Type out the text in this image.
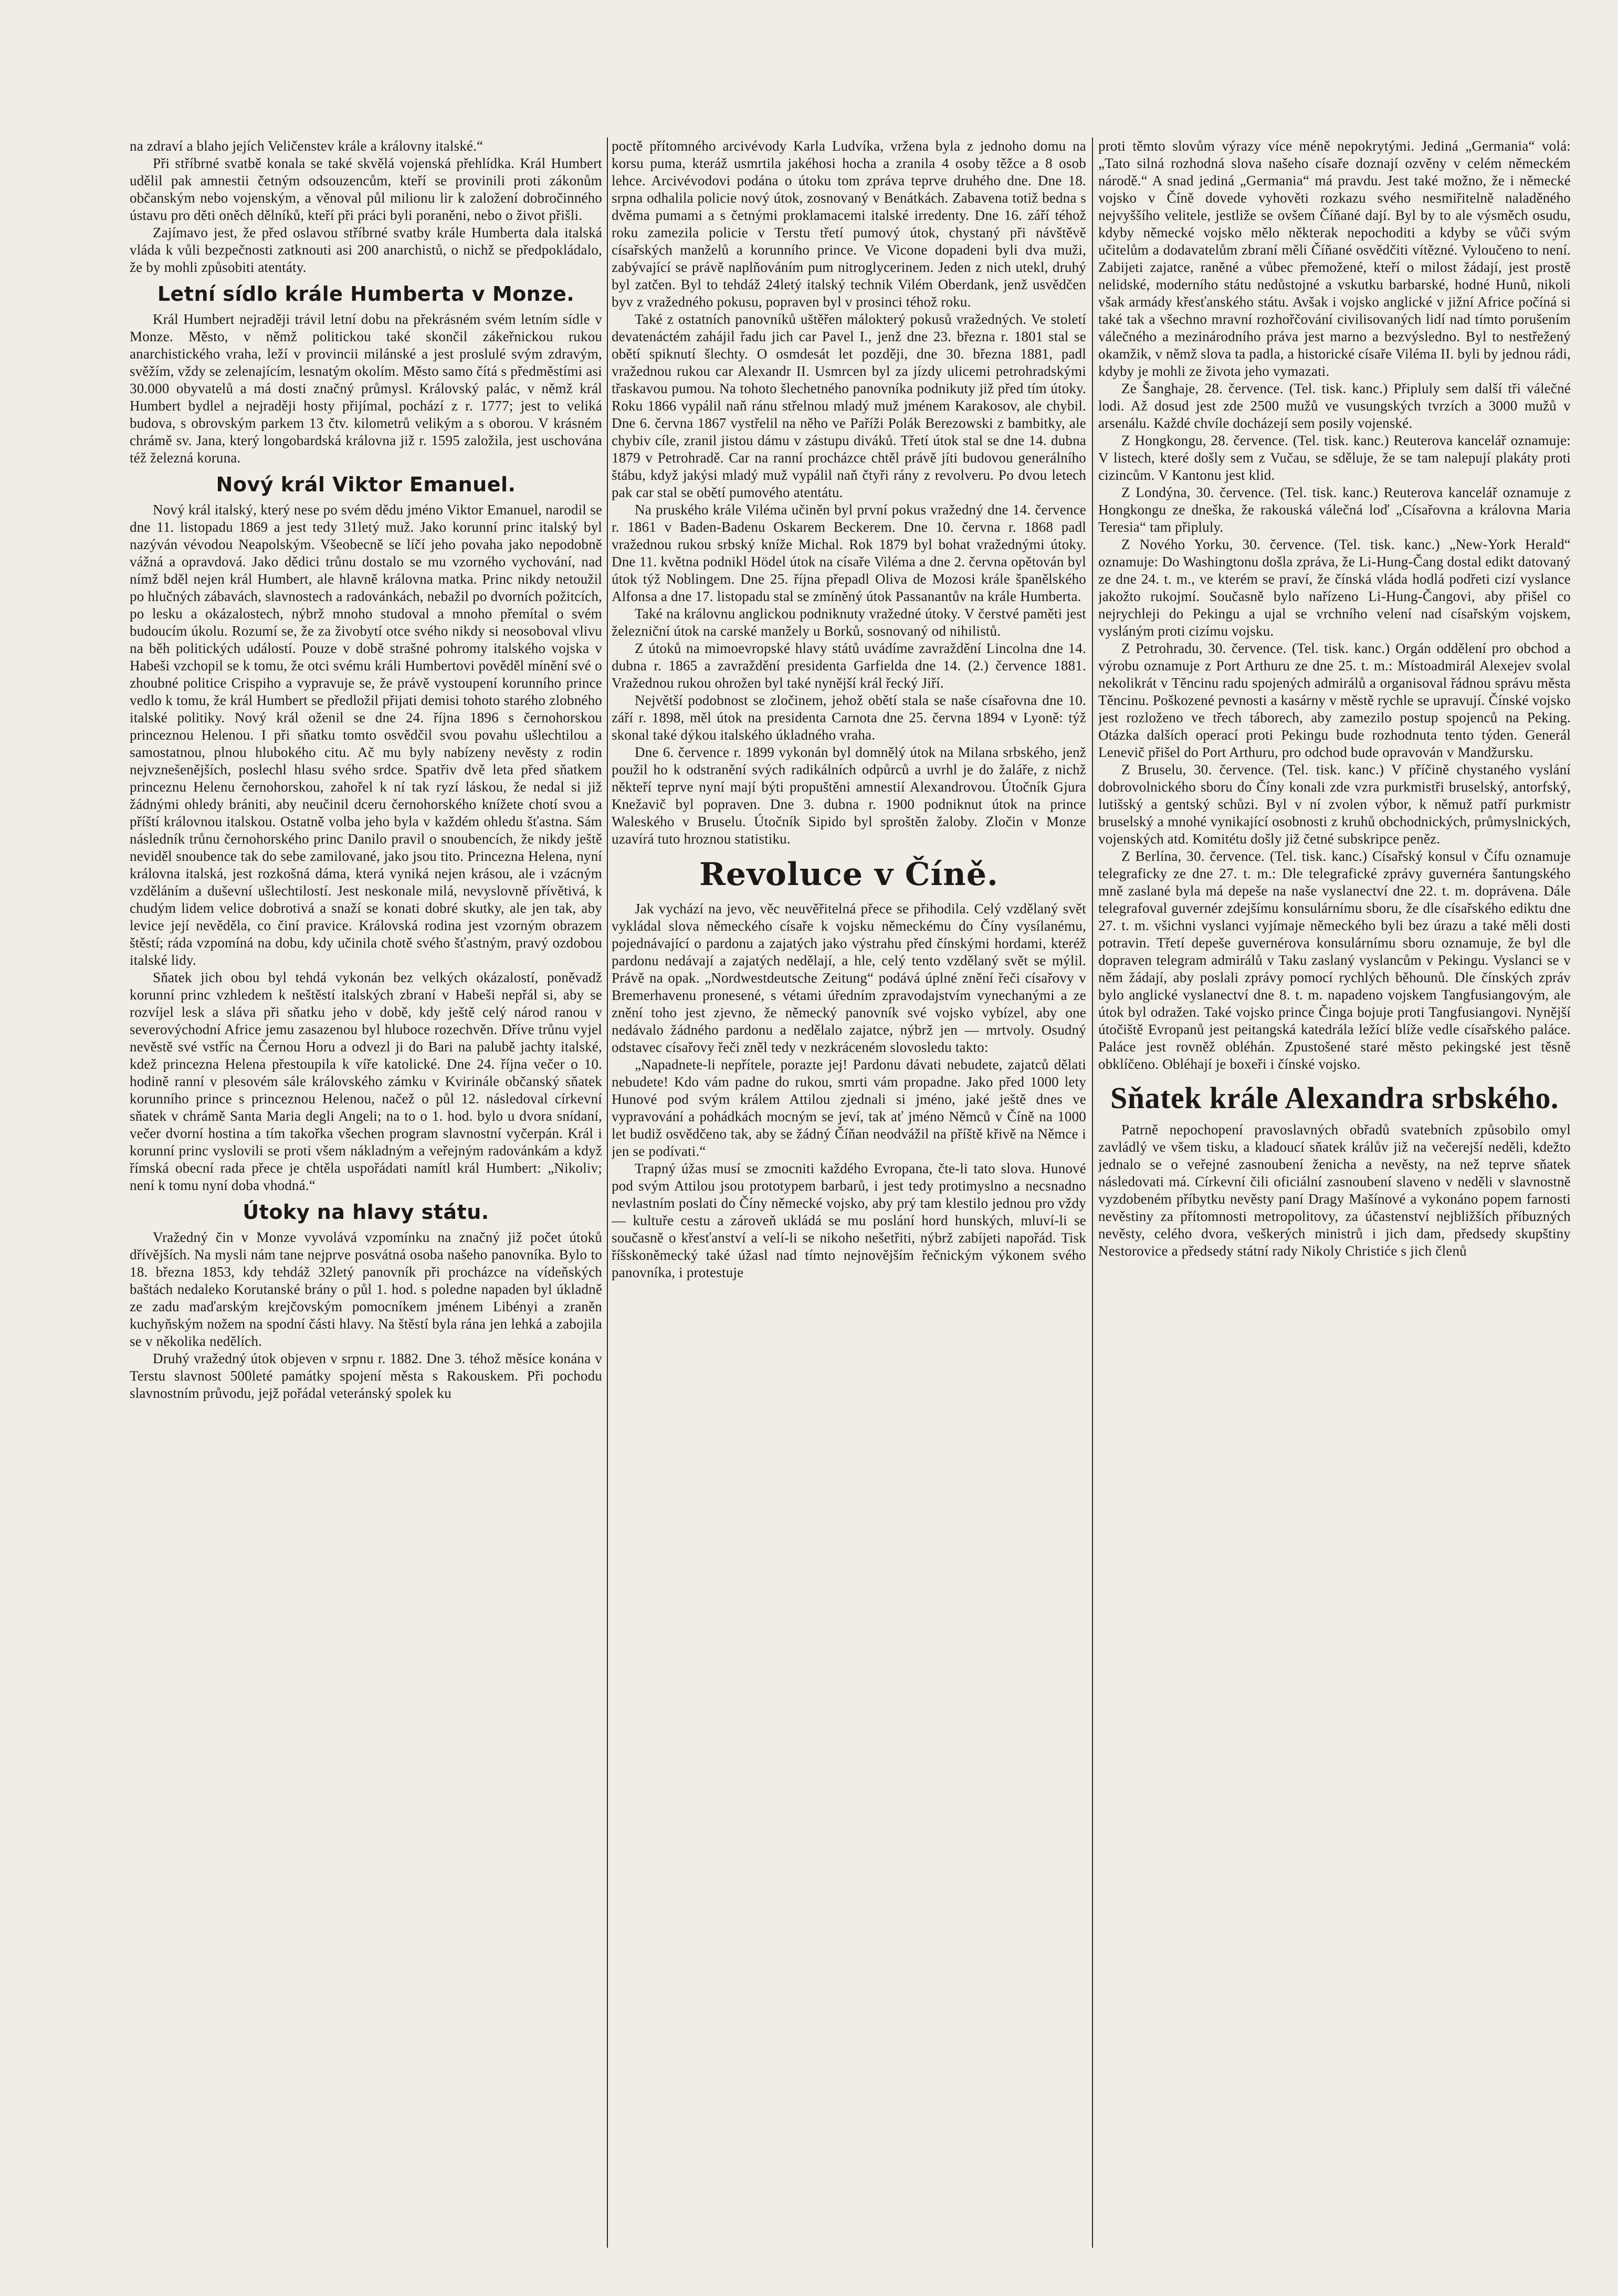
na zdraví a blaho jejích Veličenstev krále a královny italské.“

Při stříbrné svatbě konala se také skvělá vojenská přehlídka. Král Humbert udělil pak amnestii četným odsouzencům, kteří se provinili proti zákonům občanským nebo vojenským, a věnoval půl milionu lir k založení dobročinného ústavu pro děti oněch dělníků, kteří při práci byli poraněni, nebo o život přišli.

Zajímavo jest, že před oslavou stříbrné svatby krále Humberta dala italská vláda k vůli bezpečnosti zatknouti asi 200 anarchistů, o nichž se předpokládalo, že by mohli způsobiti atentáty.

Letní sídlo krále Humberta v Monze.

Král Humbert nejraději trávil letní dobu na překrásném svém letním sídle v Monze. Město, v němž politickou také skončil zákeřnickou rukou anarchistického vraha, leží v provincii milánské a jest proslulé svým zdravým, svěžím, vždy se zelenajícím, lesnatým okolím. Město samo čítá s předměstími asi 30.000 obyvatelů a má dosti značný průmysl. Královský palác, v němž král Humbert bydlel a nejraději hosty přijímal, pochází z r. 1777; jest to veliká budova, s obrovským parkem 13 čtv. kilometrů velikým a s oborou. V krásném chrámě sv. Jana, který longobardská královna již r. 1595 založila, jest uschována též železná koruna.

Nový král Viktor Emanuel.

Nový král italský, který nese po svém dědu jméno Viktor Emanuel, narodil se dne 11. listopadu 1869 a jest tedy 31letý muž. Jako korunní princ italský byl nazýván vévodou Neapolským. Všeobecně se líčí jeho povaha jako nepodobně vážná a opravdová. Jako dědici trůnu dostalo se mu vzorného vychování, nad nímž bděl nejen král Humbert, ale hlavně královna matka. Princ nikdy netoužil po hlučných zábavách, slavnostech a radovánkách, nebažil po dvorních požitcích, po lesku a okázalostech, nýbrž mnoho studoval a mnoho přemítal o svém budoucím úkolu. Rozumí se, že za živobytí otce svého nikdy si neosoboval vlivu na běh politických událostí. Pouze v době strašné pohromy italského vojska v Habeši vzchopil se k tomu, že otci svému králi Humbertovi pověděl mínění své o zhoubné politice Crispiho a vypravuje se, že právě vystoupení korunního prince vedlo k tomu, že král Humbert se předložil přijati demisi tohoto starého zlobného italské politiky. Nový král oženil se dne 24. října 1896 s černohorskou princeznou Helenou. I při sňatku tomto osvědčil svou povahu ušlechtilou a samostatnou, plnou hlubokého citu. Ač mu byly nabízeny nevěsty z rodin nejvznešenějších, poslechl hlasu svého srdce. Spatřiv dvě leta před sňatkem princeznu Helenu černohorskou, zahořel k ní tak ryzí láskou, že nedal si již žádnými ohledy brániti, aby neučinil dceru černohorského knížete chotí svou a příští královnou italskou. Ostatně volba jeho byla v každém ohledu šťastna. Sám následník trůnu černohorského princ Danilo pravil o snoubencích, že nikdy ještě neviděl snoubence tak do sebe zamilované, jako jsou tito. Princezna Helena, nyní královna italská, jest rozkošná dáma, která vyniká nejen krásou, ale i vzácným vzděláním a duševní ušlechtilostí. Jest neskonale milá, nevyslovně přívětivá, k chudým lidem velice dobrotivá a snaží se konati dobré skutky, ale jen tak, aby levice její nevěděla, co činí pravice. Královská rodina jest vzorným obrazem štěstí; ráda vzpomíná na dobu, kdy učinila chotě svého šťastným, pravý ozdobou italské lidy.

Sňatek jich obou byl tehdá vykonán bez velkých okázalostí, poněvadž korunní princ vzhledem k neštěstí italských zbraní v Habeši nepřál si, aby se rozvíjel lesk a sláva při sňatku jeho v době, kdy ještě celý národ ranou v severovýchodní Africe jemu zasazenou byl hluboce rozechvěn. Dříve trůnu vyjel nevěstě své vstříc na Černou Horu a odvezl ji do Bari na palubě jachty italské, kdež princezna Helena přestoupila k víře katolické. Dne 24. října večer o 10. hodině ranní v plesovém sále královského zámku v Kvirinále občanský sňatek korunního prince s princeznou Helenou, načež o půl 12. následoval církevní sňatek v chrámě Santa Maria degli Angeli; na to o 1. hod. bylo u dvora snídaní, večer dvorní hostina a tím takořka všechen program slavnostní vyčerpán. Král i korunní princ vyslovili se proti všem nákladným a veřejným radovánkám a když římská obecní rada přece je chtěla uspořádati namítl král Humbert: „Nikoliv; není k tomu nyní doba vhodná.“

Útoky na hlavy státu.

Vražedný čin v Monze vyvolává vzpomínku na značný již počet útoků dřívějších. Na mysli nám tane nejprve posvátná osoba našeho panovníka. Bylo to 18. března 1853, kdy tehdáž 32letý panovník při procházce na vídeňských baštách nedaleko Korutanské brány o půl 1. hod. s poledne napaden byl úkladně ze zadu maďarským krejčovským pomocníkem jménem Libényi a zraněn kuchyňským nožem na spodní části hlavy. Na štěstí byla rána jen lehká a zabojila se v několika nedělích.

Druhý vražedný útok objeven v srpnu r. 1882. Dne 3. téhož měsíce konána v Terstu slavnost 500leté památky spojení města s Rakouskem. Při pochodu slavnostním průvodu, jejž pořádal veteránský spolek ku

poctě přítomného arcivévody Karla Ludvíka, vržena byla z jednoho domu na korsu puma, kteráž usmrtila jakéhosi hocha a zranila 4 osoby těžce a 8 osob lehce. Arcivévodovi podána o útoku tom zpráva teprve druhého dne. Dne 18. srpna odhalila policie nový útok, zosnovaný v Benátkách. Zabavena totiž bedna s dvěma pumami a s četnými proklamacemi italské irredenty. Dne 16. září téhož roku zamezila policie v Terstu třetí pumový útok, chystaný při návštěvě císařských manželů a korunního prince. Ve Vicone dopadeni byli dva muži, zabývající se právě naplňováním pum nitroglycerinem. Jeden z nich utekl, druhý byl zatčen. Byl to tehdáž 24letý italský technik Vilém Oberdank, jenž usvědčen byv z vražedného pokusu, popraven byl v prosinci téhož roku.

Také z ostatních panovníků uštěřen málokterý pokusů vražedných. Ve století devatenáctém zahájil řadu jich car Pavel I., jenž dne 23. března r. 1801 stal se obětí spiknutí šlechty. O osmdesát let později, dne 30. března 1881, padl vražednou rukou car Alexandr II. Usmrcen byl za jízdy ulicemi petrohradskými třaskavou pumou. Na tohoto šlechetného panovníka podnikuty již před tím útoky. Roku 1866 vypálil naň ránu střelnou mladý muž jménem Karakosov, ale chybil. Dne 6. června 1867 vystřelil na něho ve Paříži Polák Berezowski z bambitky, ale chybiv cíle, zranil jistou dámu v zástupu diváků. Třetí útok stal se dne 14. dubna 1879 v Petrohradě. Car na ranní procházce chtěl právě jíti budovou generálního štábu, když jakýsi mladý muž vypálil naň čtyři rány z revolveru. Po dvou letech pak car stal se obětí pumového atentátu.

Na pruského krále Viléma učiněn byl první pokus vražedný dne 14. července r. 1861 v Baden-Badenu Oskarem Beckerem. Dne 10. června r. 1868 padl vražednou rukou srbský kníže Michal. Rok 1879 byl bohat vražednými útoky. Dne 11. května podnikl Hödel útok na císaře Viléma a dne 2. června opětován byl útok týž Noblingem. Dne 25. října přepadl Oliva de Mozosi krále španělského Alfonsa a dne 17. listopadu stal se zmíněný útok Passanantův na krále Humberta.

Také na královnu anglickou podniknuty vražedné útoky. V čerstvé paměti jest železniční útok na carské manžely u Borků, sosnovaný od nihilistů.

Z útoků na mimoevropské hlavy států uvádíme zavraždění Lincolna dne 14. dubna r. 1865 a zavraždění presidenta Garfielda dne 14. (2.) července 1881. Vražednou rukou ohrožen byl také nynější král řecký Jiří.

Největší podobnost se zločinem, jehož obětí stala se naše císařovna dne 10. září r. 1898, měl útok na presidenta Carnota dne 25. června 1894 v Lyoně: týž skonal také dýkou italského úkladného vraha.

Dne 6. července r. 1899 vykonán byl domnělý útok na Milana srbského, jenž použil ho k odstranění svých radikálních odpůrců a uvrhl je do žaláře, z nichž někteří teprve nyní mají býti propuštěni amnestií Alexandrovou. Útočník Gjura Knežavič byl popraven. Dne 3. dubna r. 1900 podniknut útok na prince Waleského v Bruselu. Útočník Sipido byl sproštěn žaloby. Zločin v Monze uzavírá tuto hroznou statistiku.

Revoluce v Číně.

Jak vychází na jevo, věc neuvěřitelná přece se přihodila. Celý vzdělaný svět vykládal slova německého císaře k vojsku německému do Číny vysílanému, pojednávající o pardonu a zajatých jako výstrahu před čínskými hordami, kteréž pardonu nedávají a zajatých nedělají, a hle, celý tento vzdělaný svět se mýlil. Právě na opak. „Nordwestdeutsche Zeitung“ podává úplné znění řeči císařovy v Bremerhavenu pronesené, s vétami úředním zpravodajstvím vynechanými a ze znění toho jest zjevno, že německý panovník své vojsko vybízel, aby one nedávalo žádného pardonu a nedělalo zajatce, nýbrž jen — mrtvoly. Osudný odstavec císařovy řeči zněl tedy v nezkráceném slovosledu takto:

„Napadnete-li nepřítele, porazte jej! Pardonu dávati nebudete, zajatců dělati nebudete! Kdo vám padne do rukou, smrti vám propadne. Jako před 1000 lety Hunové pod svým králem Attilou zjednali si jméno, jaké ještě dnes ve vypravování a pohádkách mocným se jeví, tak ať jméno Němců v Číně na 1000 let budiž osvědčeno tak, aby se žádný Číňan neodvážil na příště křivě na Němce i jen se podívati.“

Trapný úžas musí se zmocniti každého Evropana, čte-li tato slova. Hunové pod svým Attilou jsou prototypem barbarů, i jest tedy protimyslno a necsnadno nevlastním poslati do Číny německé vojsko, aby prý tam klestilo jednou pro vždy — kultuře cestu a zároveň ukládá se mu poslání hord hunských, mluví-li se současně o křesťanství a velí-li se nikoho nešetřiti, nýbrž zabíjeti napořád. Tisk říšskoněmecký také úžasl nad tímto nejnovějším řečnickým výkonem svého panovníka, i protestuje

proti těmto slovům výrazy více méně nepokrytými. Jediná „Germania“ volá: „Tato silná rozhodná slova našeho císaře doznají ozvěny v celém německém národě.“ A snad jediná „Germania“ má pravdu. Jest také možno, že i německé vojsko v Číně dovede vyhověti rozkazu svého nesmiřitelně naladěného nejvyššího velitele, jestliže se ovšem Číňané dají. Byl by to ale výsměch osudu, kdyby německé vojsko mělo některak nepochoditi a kdyby se vůči svým učitelům a dodavatelům zbraní měli Číňané osvědčiti vítězné. Vyloučeno to není. Zabijeti zajatce, raněné a vůbec přemožené, kteří o milost žádají, jest prostě nelidské, moderního státu nedůstojné a vskutku barbarské, hodné Hunů, nikoli však armády křesťanského státu. Avšak i vojsko anglické v jižní Africe počíná si také tak a všechno mravní rozhořčování civilisovaných lidí nad tímto porušením válečného a mezinárodního práva jest marno a bezvýsledno. Byl to nestřežený okamžik, v němž slova ta padla, a historické císaře Viléma II. byli by jednou rádi, kdyby je mohli ze života jeho vymazati.

Ze Šanghaje, 28. července. (Tel. tisk. kanc.) Připluly sem další tři válečné lodi. Až dosud jest zde 2500 mužů ve vusungských tvrzích a 3000 mužů v arsenálu. Každé chvíle docházejí sem posily vojenské.

Z Hongkongu, 28. července. (Tel. tisk. kanc.) Reuterova kancelář oznamuje: V listech, které došly sem z Vučau, se sděluje, že se tam nalepují plakáty proti cizincům. V Kantonu jest klid.

Z Londýna, 30. července. (Tel. tisk. kanc.) Reuterova kancelář oznamuje z Hongkongu ze dneška, že rakouská válečná loď „Císařovna a královna Maria Teresia“ tam připluly.

Z Nového Yorku, 30. července. (Tel. tisk. kanc.) „New-York Herald“ oznamuje: Do Washingtonu došla zpráva, že Li-Hung-Čang dostal edikt datovaný ze dne 24. t. m., ve kterém se praví, že čínská vláda hodlá podřeti cizí vyslance jakožto rukojmí. Současně bylo nařízeno Li-Hung-Čangovi, aby přišel co nejrychleji do Pekingu a ujal se vrchního velení nad císařským vojskem, vysláným proti cizímu vojsku.

Z Petrohradu, 30. července. (Tel. tisk. kanc.) Orgán oddělení pro obchod a výrobu oznamuje z Port Arthuru ze dne 25. t. m.: Místoadmirál Alexejev svolal nekolikrát v Těncinu radu spojených admirálů a organisoval řádnou správu města Těncinu. Poškozené pevnosti a kasárny v městě rychle se upravují. Čínské vojsko jest rozloženo ve třech táborech, aby zamezilo postup spojenců na Peking. Otázka dalších operací proti Pekingu bude rozhodnuta tento týden. Generál Lenevič přišel do Port Arthuru, pro odchod bude opravován v Mandžursku.

Z Bruselu, 30. července. (Tel. tisk. kanc.) V příčině chystaného vyslání dobrovolnického sboru do Číny konali zde vzra purkmistři bruselský, antorfský, lutišský a gentský schůzi. Byl v ní zvolen výbor, k němuž patří purkmistr bruselský a mnohé vynikající osobnosti z kruhů obchodnických, průmyslnických, vojenských atd. Komitétu došly již četné subskripce peněz.

Z Berlína, 30. července. (Tel. tisk. kanc.) Císařský konsul v Čífu oznamuje telegraficky ze dne 27. t. m.: Dle telegrafické zprávy guvernéra šantungského mně zaslané byla má depeše na naše vyslanectví dne 22. t. m. doprávena. Dále telegrafoval guvernér zdejšímu konsulárnímu sboru, že dle císařského ediktu dne 27. t. m. všichni vyslanci vyjímaje německého byli bez úrazu a také měli dosti potravin. Třetí depeše guvernérova konsulárnímu sboru oznamuje, že byl dle dopraven telegram admirálů v Taku zaslaný vyslancům v Pekingu. Vyslanci se v něm žádají, aby poslali zprávy pomocí rychlých běhounů. Dle čínských zpráv bylo anglické vyslanectví dne 8. t. m. napadeno vojskem Tangfusiangovým, ale útok byl odražen. Také vojsko prince Činga bojuje proti Tangfusiangovi. Nynější útočiště Evropanů jest peitangská katedrála ležící blíže vedle císařského paláce. Paláce jest rovněž obléhán. Zpustošené staré město pekingské jest těsně obklíčeno. Obléhají je boxeři i čínské vojsko.

Sňatek krále Alexandra srbského.

Patrně nepochopení pravoslavných obřadů svatebních způsobilo omyl zavládlý ve všem tisku, a kladoucí sňatek králův již na večerejší neděli, kdežto jednalo se o veřejné zasnoubení ženicha a nevěsty, na než teprve sňatek následovati má. Církevní čili oficiální zasnoubení slaveno v neděli v slavnostně vyzdobeném příbytku nevěsty paní Dragy Mašínové a vykonáno popem farnosti nevěstiny za přítomnosti metropolitovy, za účastenství nejbližších příbuzných nevěsty, celého dvora, veškerých ministrů i jich dam, předsedy skupštiny Nestorovice a předsedy státní rady Nikoly Christiće s jich členů
